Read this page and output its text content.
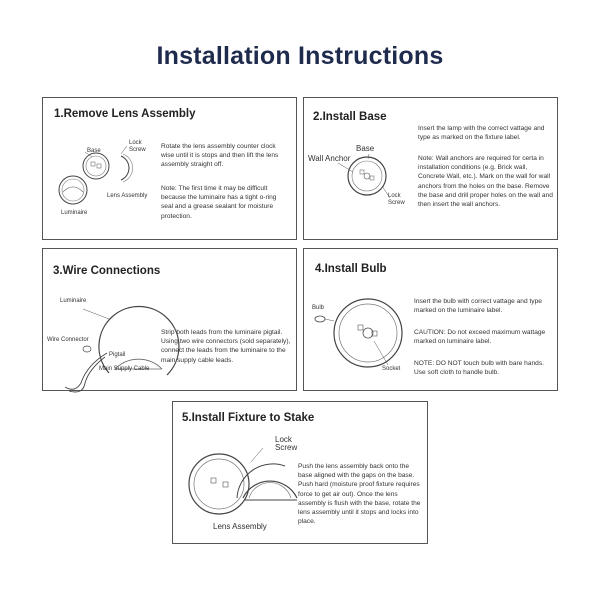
Installation Instructions
1.Remove Lens Assembly
Base
Lock
Screw
Lens Assembly
Luminaire
Rotate the lens assembly counter clock wise until it is stops and then lift the lens assembly straight off.
Note: The first time it may be difficult because the luminaire has a tight o-ring seal and a grease sealant for moisture protection.
2.Install Base
Base
Wall Anchor
Lock
Screw
Insert the lamp with the correct vattage and type as marked on the fixture label.
Note: Wall anchors are required for certa in installation conditions (e.g. Brick wall, Concrete Wall, etc.). Mark on the wall for wall anchors from the holes on the base. Remove the base and drill proper holes on the wall and then insert the wall anchors.
3.Wire Connections
Luminaire
Wire Connector
Pigtail
Main Supply Cable
Strip both leads from the luminaire pigtail. Using two wire connectors (sold separately), connect the leads from the luminaire to the main supply cable leads.
4.Install Bulb
Bulb
Socket
Insert the bulb with correct vattage and type marked on the luminaire label.
CAUTION: Do not exceed maximum wattage marked on luminaire label.
NOTE: DO NOT touch bulb with bare hands. Use soft cloth to handle bulb.
5.Install Fixture to Stake
Lock
Screw
Lens Assembly
Push the lens assembly back onto the base aligned with the gaps on the base. Push hard (moisture proof fixture requires force to get air out). Once the lens assembly is flush with the base, rotate the lens assembly until it stops and locks into place.
